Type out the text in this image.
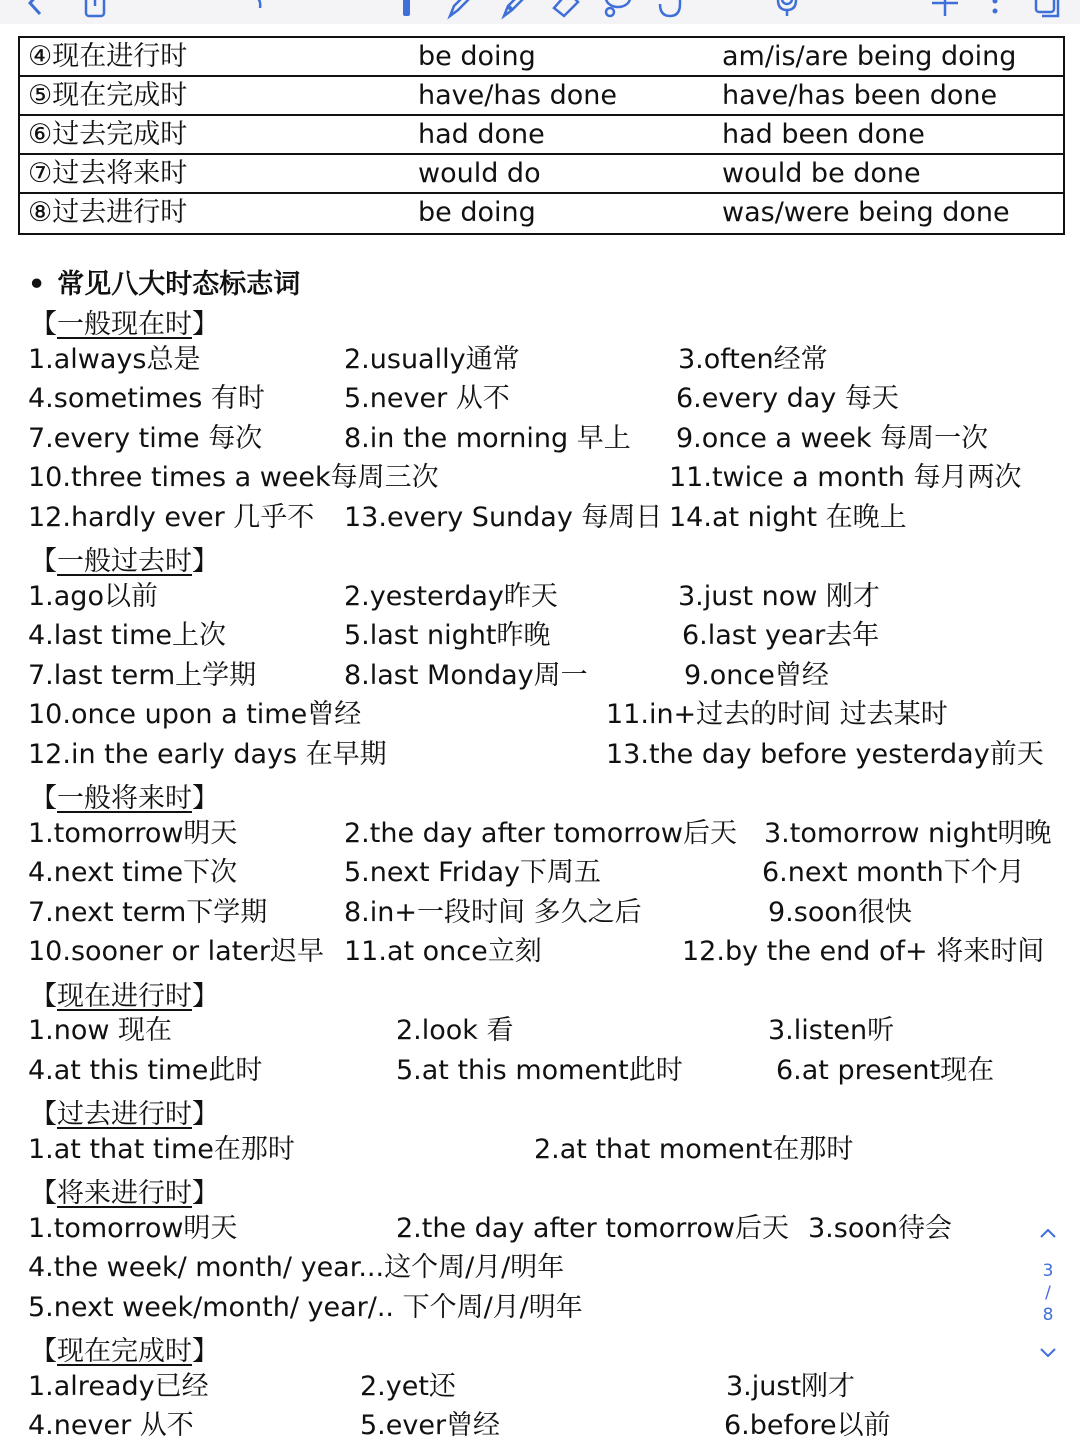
④现在进行时	be doing	am/is/are being doing
⑤现在完成时	have/has done	have/has been done
⑥过去完成时	had done	had been done
⑦过去将来时	would do	would be done
⑧过去进行时	be doing	was/were being done
• 常见八大时态标志词
【一般现在时】
1.always总是	2.usually通常	3.often经常
4.sometimes 有时	5.never 从不	6.every day 每天
7.every time 每次	8.in the morning 早上 9.once a week 每周一次
10.three times a week每周三次	11.twice a month 每月两次
12.hardly ever 几乎不 13.every Sunday 每周日 14.at night 在晚上
【一般过去时】
1.ago以前	2.yesterday昨天	3.just now 刚才
4.last time上次	5.last night昨晚	6.last year去年
7.last term上学期	8.last Monday周一	9.once曾经
10.once upon a time曾经	11.in+过去的时间 过去某时
12.in the early days 在早期	13.the day before yesterday前天
【一般将来时】
1.tomorrow明天	2.the day after tomorrow后天 3.tomorrow night明晚
4.next time下次	5.next Friday下周五	6.next month下个月
7.next term下学期	8.in+一段时间 多久之后	9.soon很快
10.sooner or later迟早 11.at once立刻	12.by the end of+ 将来时间
【现在进行时】
1.now 现在	2.look 看	3.listen听
4.at this time此时	5.at this moment此时	6.at present现在
【过去进行时】
1.at that time在那时	2.at that moment在那时
【将来进行时】
1.tomorrow明天	2.the day after tomorrow后天 3.soon待会
4.the week/ month/ year...这个周/月/明年
5.next week/month/ year/.. 下个周/月/明年
【现在完成时】
1.already已经	2.yet还	3.just刚才
4.never 从不	5.ever曾经	6.before以前
3
/
8
